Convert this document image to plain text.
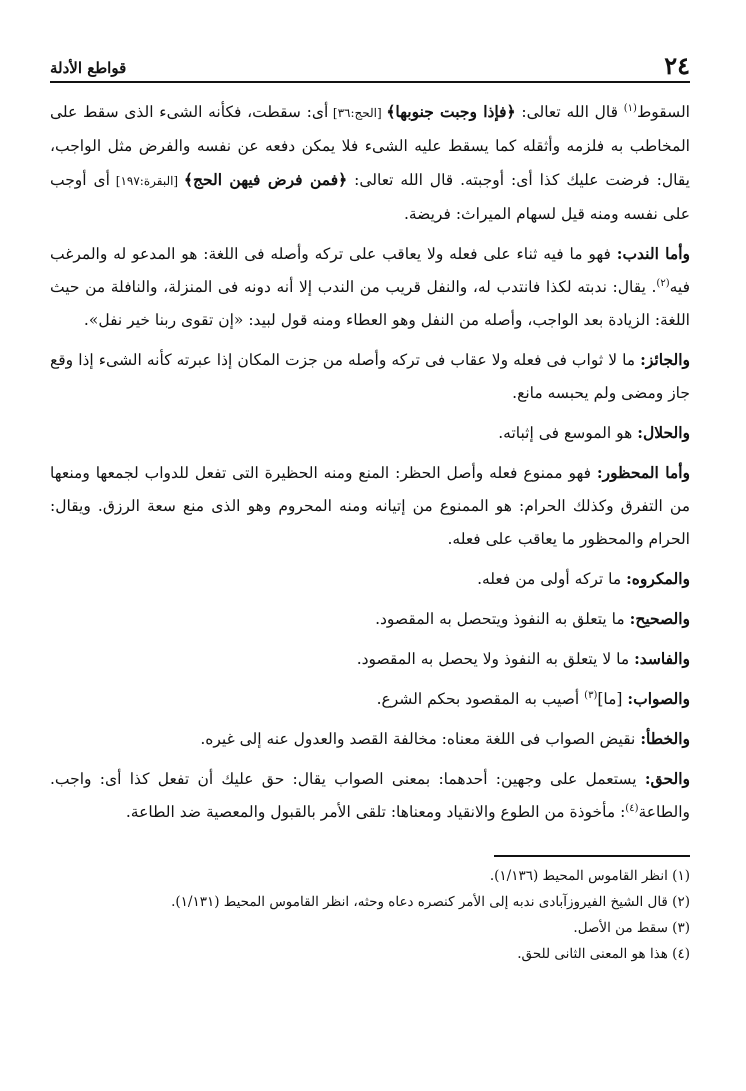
٢٤
قواطع الأدلة

السقوط$^{(١)}$ قال الله تعالى: ﴿فإذا وجبت جنوبها﴾ [الحج:٣٦] أى: سقطت، فكأنه الشىء الذى سقط على المخاطب به فلزمه وأثقله كما يسقط عليه الشىء فلا يمكن دفعه عن نفسه والفرض مثل الواجب، يقال: فرضت عليك كذا أى: أوجبته. قال الله تعالى: ﴿فمن فرض فيهن الحج﴾ [البقرة:١٩٧] أى أوجب على نفسه ومنه قيل لسهام الميراث: فريضة.

وأما الندب: فهو ما فيه ثناء على فعله ولا يعاقب على تركه وأصله فى اللغة: هو المدعو له والمرغب فيه$^{(٢)}$. يقال: ندبته لكذا فانتدب له، والنفل قريب من الندب إلا أنه دونه فى المنزلة، والنافلة من حيث اللغة: الزيادة بعد الواجب، وأصله من النفل وهو العطاء ومنه قول لبيد: «إن تقوى ربنا خير نفل».

والجائز: ما لا ثواب فى فعله ولا عقاب فى تركه وأصله من جزت المكان إذا عبرته كأنه الشىء إذا وقع جاز ومضى ولم يحبسه مانع.

والحلال: هو الموسع فى إثباته.

وأما المحظور: فهو ممنوع فعله وأصل الحظر: المنع ومنه الحظيرة التى تفعل للدواب لجمعها ومنعها من التفرق وكذلك الحرام: هو الممنوع من إتيانه ومنه المحروم وهو الذى منع سعة الرزق. ويقال: الحرام والمحظور ما يعاقب على فعله.

والمكروه: ما تركه أولى من فعله.

والصحيح: ما يتعلق به النفوذ ويتحصل به المقصود.

والفاسد: ما لا يتعلق به النفوذ ولا يحصل به المقصود.

والصواب: [ما]$^{(٣)}$ أصيب به المقصود بحكم الشرع.

والخطأ: نقيض الصواب فى اللغة معناه: مخالفة القصد والعدول عنه إلى غيره.

والحق: يستعمل على وجهين: أحدهما: بمعنى الصواب يقال: حق عليك أن تفعل كذا أى: واجب. والطاعة$^{(٤)}$: مأخوذة من الطوع والانقياد ومعناها: تلقى الأمر بالقبول والمعصية ضد الطاعة.

(١) انظر القاموس المحيط (١/١٣٦).

(٢) قال الشيخ الفيروزآبادى ندبه إلى الأمر كنصره دعاه وحثه، انظر القاموس المحيط (١/١٣١).

(٣) سقط من الأصل.

(٤) هذا هو المعنى الثانى للحق.
